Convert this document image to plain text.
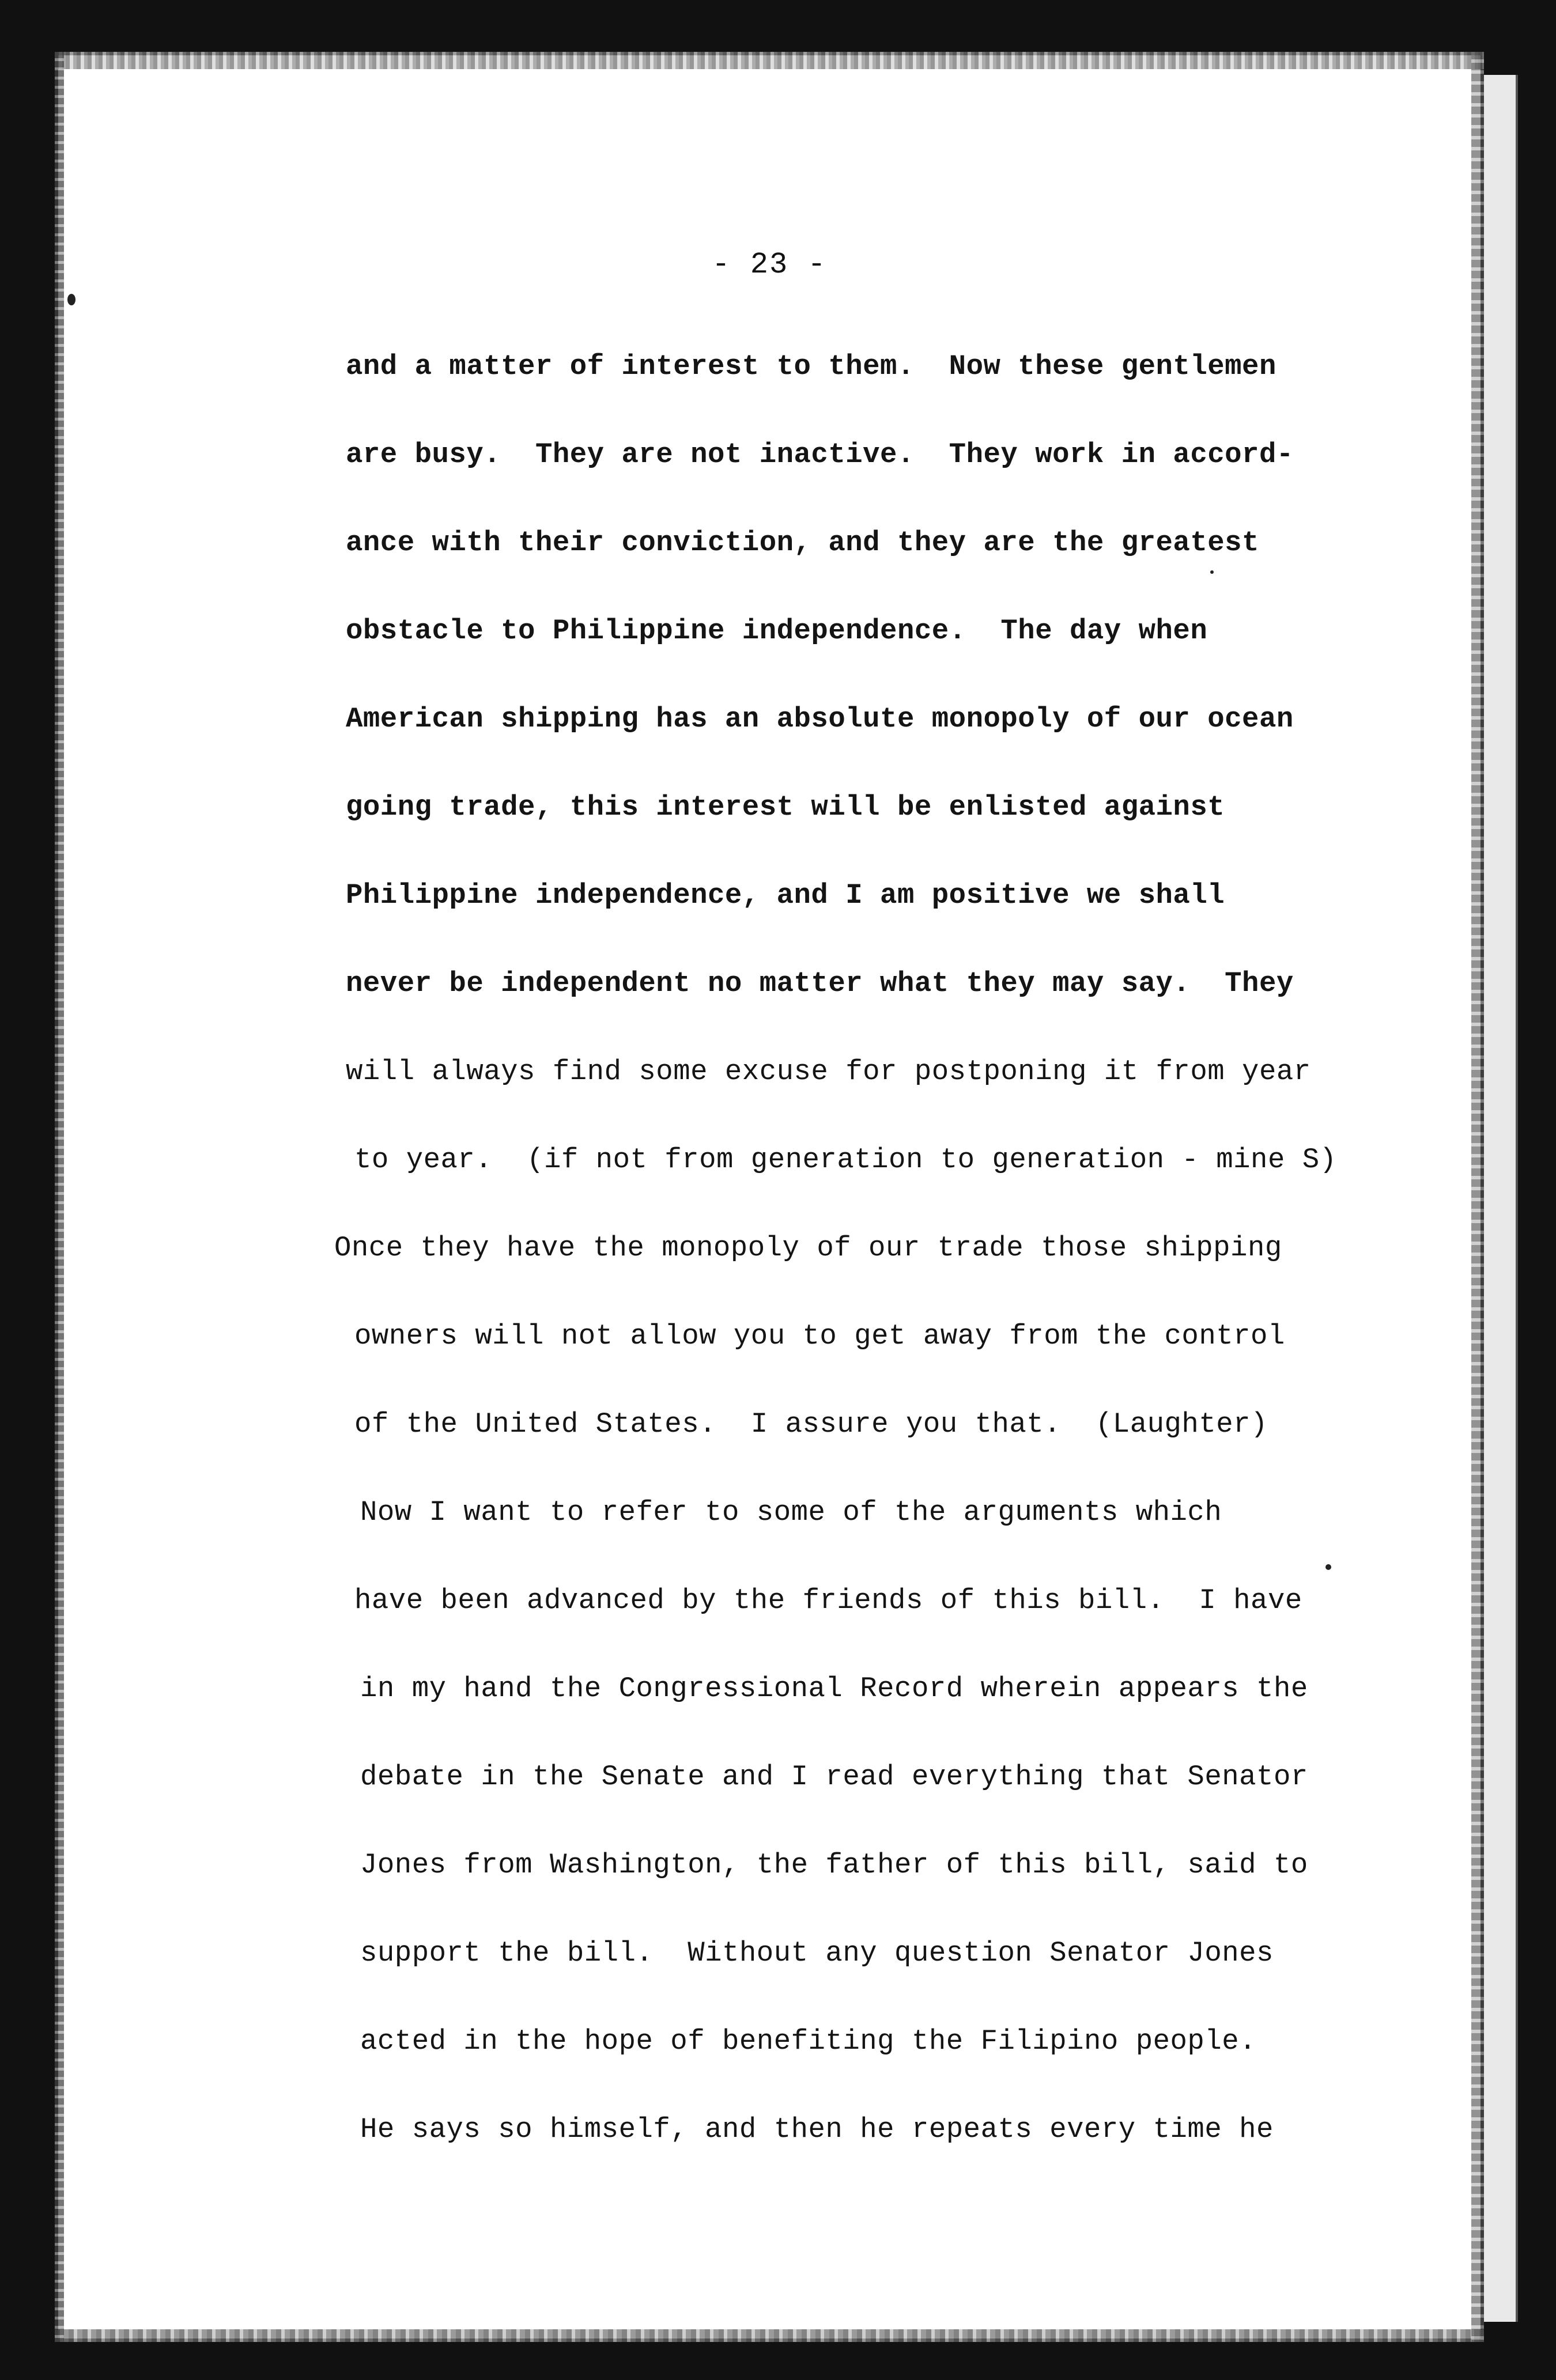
- 23 -
and a matter of interest to them.  Now these gentlemen
are busy.  They are not inactive.  They work in accord-
ance with their conviction, and they are the greatest
obstacle to Philippine independence.  The day when
American shipping has an absolute monopoly of our ocean
going trade, this interest will be enlisted against
Philippine independence, and I am positive we shall
never be independent no matter what they may say.  They
will always find some excuse for postponing it from year
to year.  (if not from generation to generation - mine S)
Once they have the monopoly of our trade those shipping
owners will not allow you to get away from the control
of the United States.  I assure you that.  (Laughter)
Now I want to refer to some of the arguments which
have been advanced by the friends of this bill.  I have
in my hand the Congressional Record wherein appears the
debate in the Senate and I read everything that Senator
Jones from Washington, the father of this bill, said to
support the bill.  Without any question Senator Jones
acted in the hope of benefiting the Filipino people.
He says so himself, and then he repeats every time he
